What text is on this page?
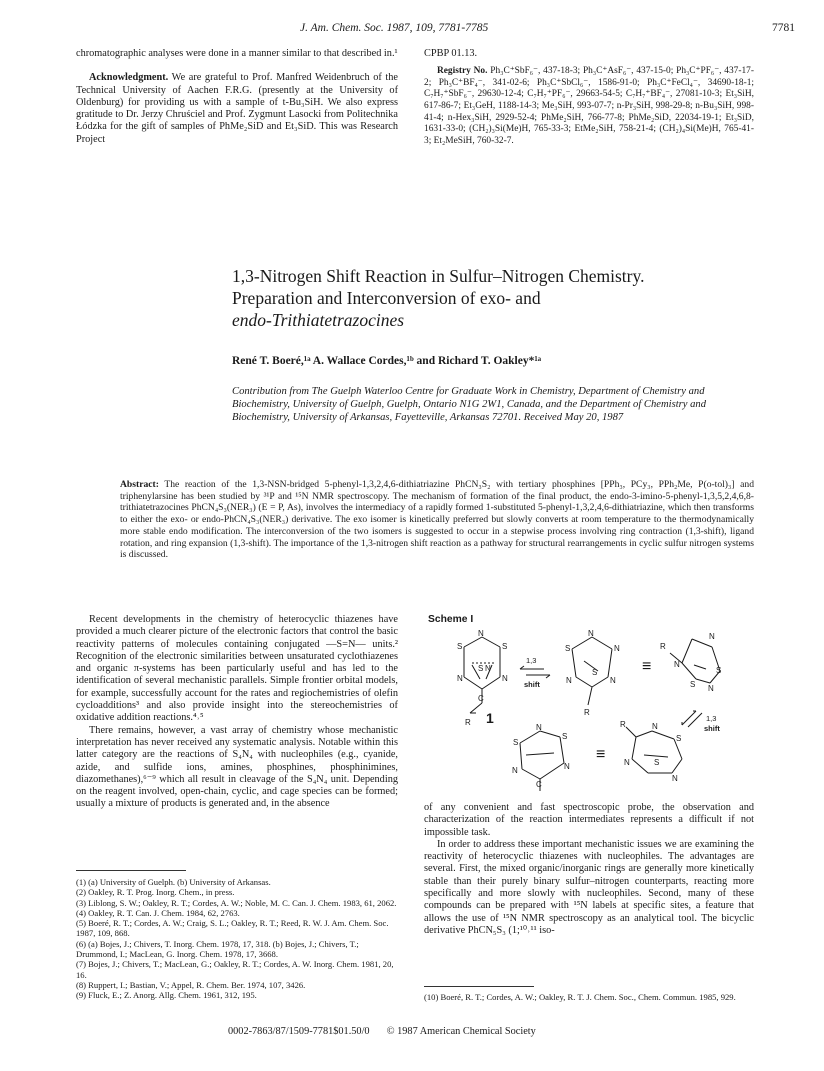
J. Am. Chem. Soc. 1987, 109, 7781-7785	7781

chromatographic analyses were done in a manner similar to that described in.¹

Acknowledgment. We are grateful to Prof. Manfred Weidenbruch of the Technical University of Aachen F.R.G. (presently at the University of Oldenburg) for providing us with a sample of t-Bu₃SiH. We also express gratitude to Dr. Jerzy Chruściel and Prof. Zygmunt Lasocki from Politechnika Łódzka for the gift of samples of PhMe₂SiD and Et₃SiD. This was Research Project

CPBP 01.13.

Registry No. Ph₃C⁺SbF₆⁻, 437-18-3; Ph₃C⁺AsF₆⁻, 437-15-0; Ph₃C⁺PF₆⁻, 437-17-2; Ph₃C⁺BF₄⁻, 341-02-6; Ph₃C⁺SbCl₆⁻, 1586-91-0; Ph₃C⁺FeCl₄⁻, 34690-18-1; C₇H₇⁺SbF₆⁻, 29630-12-4; C₇H₇⁺PF₆⁻, 29663-54-5; C₇H₇⁺BF₄⁻, 27081-10-3; Et₃SiH, 617-86-7; Et₃GeH, 1188-14-3; Me₃SiH, 993-07-7; n-Pr₃SiH, 998-29-8; n-Bu₃SiH, 998-41-4; n-Hex₃SiH, 2929-52-4; PhMe₂SiH, 766-77-8; PhMe₂SiD, 22034-19-1; Et₃SiD, 1631-33-0; (CH₂)₃Si(Me)H, 765-33-3; EtMe₂SiH, 758-21-4; (CH₂)₄Si(Me)H, 765-41-3; Et₂MeSiH, 760-32-7.

1,3-Nitrogen Shift Reaction in Sulfur–Nitrogen Chemistry.
Preparation and Interconversion of exo- and
endo-Trithiatetrazocines
René T. Boeré,¹ᵃ A. Wallace Cordes,¹ᵇ and Richard T. Oakley*¹ᵃ
Contribution from The Guelph Waterloo Centre for Graduate Work in Chemistry, Department of Chemistry and Biochemistry, University of Guelph, Guelph, Ontario N1G 2W1, Canada, and the Department of Chemistry and Biochemistry, University of Arkansas, Fayetteville, Arkansas 72701. Received May 20, 1987

Abstract: The reaction of the 1,3-NSN-bridged 5-phenyl-1,3,2,4,6-dithiatriazine PhCN₃S₂ with tertiary phosphines [PPh₃, PCy₃, PPh₂Me, P(o-tol)₃] and triphenylarsine has been studied by ³¹P and ¹⁵N NMR spectroscopy. The mechanism of formation of the final product, the endo-3-imino-5-phenyl-1,3,5,2,4,6,8-trithiatetrazocines PhCN₄S₃(NER₃) (E = P, As), involves the intermediacy of a rapidly formed 1-substituted 5-phenyl-1,3,2,4,6-dithiatriazine, which then transforms to either the exo- or endo-PhCN₄S₃(NER₃) derivative. The exo isomer is kinetically preferred but slowly converts at room temperature to the thermodynamically more stable endo modification. The interconversion of the two isomers is suggested to occur in a stepwise process involving ring contraction (1,3-shift), ligand rotation, and ring expansion (1,3-shift). The importance of the 1,3-nitrogen shift reaction as a pathway for structural rearrangements in cyclic sulfur nitrogen systems is discussed.

Recent developments in the chemistry of heterocyclic thiazenes have provided a much clearer picture of the electronic factors that control the basic reactivity patterns of molecules containing conjugated —S=N— units.² Recognition of the electronic similarities between unsaturated cyclothiazenes and organic π-systems has been particularly useful and has led to the identification of several mechanistic parallels. Simple frontier orbital models, for example, successfully account for the rates and regiochemistries of olefin cycloadditions³ and also provide insight into the stereochemistries of oxidative addition reactions.⁴˒⁵

There remains, however, a vast array of chemistry whose mechanistic interpretation has never received any systematic analysis. Notable within this latter category are the reactions of S₄N₄ with nucleophiles (e.g., cyanide, azide, and sulfide ions, amines, phosphines, phosphinimines, diazomethanes),⁶⁻⁹ which all result in cleavage of the S₄N₄ unit. Depending on the reagent involved, open-chain, cyclic, and cage species can be formed; usually a mixture of products is generated and, in the absence

(1) (a) University of Guelph. (b) University of Arkansas.

(2) Oakley, R. T. Prog. Inorg. Chem., in press.

(3) Liblong, S. W.; Oakley, R. T.; Cordes, A. W.; Noble, M. C. Can. J. Chem. 1983, 61, 2062.

(4) Oakley, R. T. Can. J. Chem. 1984, 62, 2763.

(5) Boeré, R. T.; Cordes, A. W.; Craig, S. L.; Oakley, R. T.; Reed, R. W. J. Am. Chem. Soc. 1987, 109, 868.

(6) (a) Bojes, J.; Chivers, T. Inorg. Chem. 1978, 17, 318. (b) Bojes, J.; Chivers, T.; Drummond, I.; MacLean, G. Inorg. Chem. 1978, 17, 3668.

(7) Bojes, J.; Chivers, T.; MacLean, G.; Oakley, R. T.; Cordes, A. W. Inorg. Chem. 1981, 20, 16.

(8) Ruppert, I.; Bastian, V.; Appel, R. Chem. Ber. 1974, 107, 3426.

(9) Fluck, E.; Z. Anorg. Allg. Chem. 1961, 312, 195.

Scheme I
N
S	S
N	N
S N
C
R 1
1,3
shift
N
S	N
N	N
S
R
≡
R
N
S
N
S N
1,3
shift
N
S
S
N	N
C
≡
R	N
S
N	S
N

of any convenient and fast spectroscopic probe, the observation and characterization of the reaction intermediates represents a difficult if not impossible task.

In order to address these important mechanistic issues we are examining the reactivity of heterocyclic thiazenes with nucleophiles. The advantages are several. First, the mixed organic/inorganic rings are generally more kinetically stable than their purely binary sulfur–nitrogen counterparts, reacting more specifically and more slowly with nucleophiles. Second, many of these compounds can be prepared with ¹⁵N labels at specific sites, a feature that allows the use of ¹⁵N NMR spectroscopy as an analytical tool. The bicyclic derivative PhCN₅S₃ (1;¹⁰˒¹¹ iso-

(10) Boeré, R. T.; Cordes, A. W.; Oakley, R. T. J. Chem. Soc., Chem. Commun. 1985, 929.

0002-7863/87/1509-7781$01.50/0 © 1987 American Chemical Society
